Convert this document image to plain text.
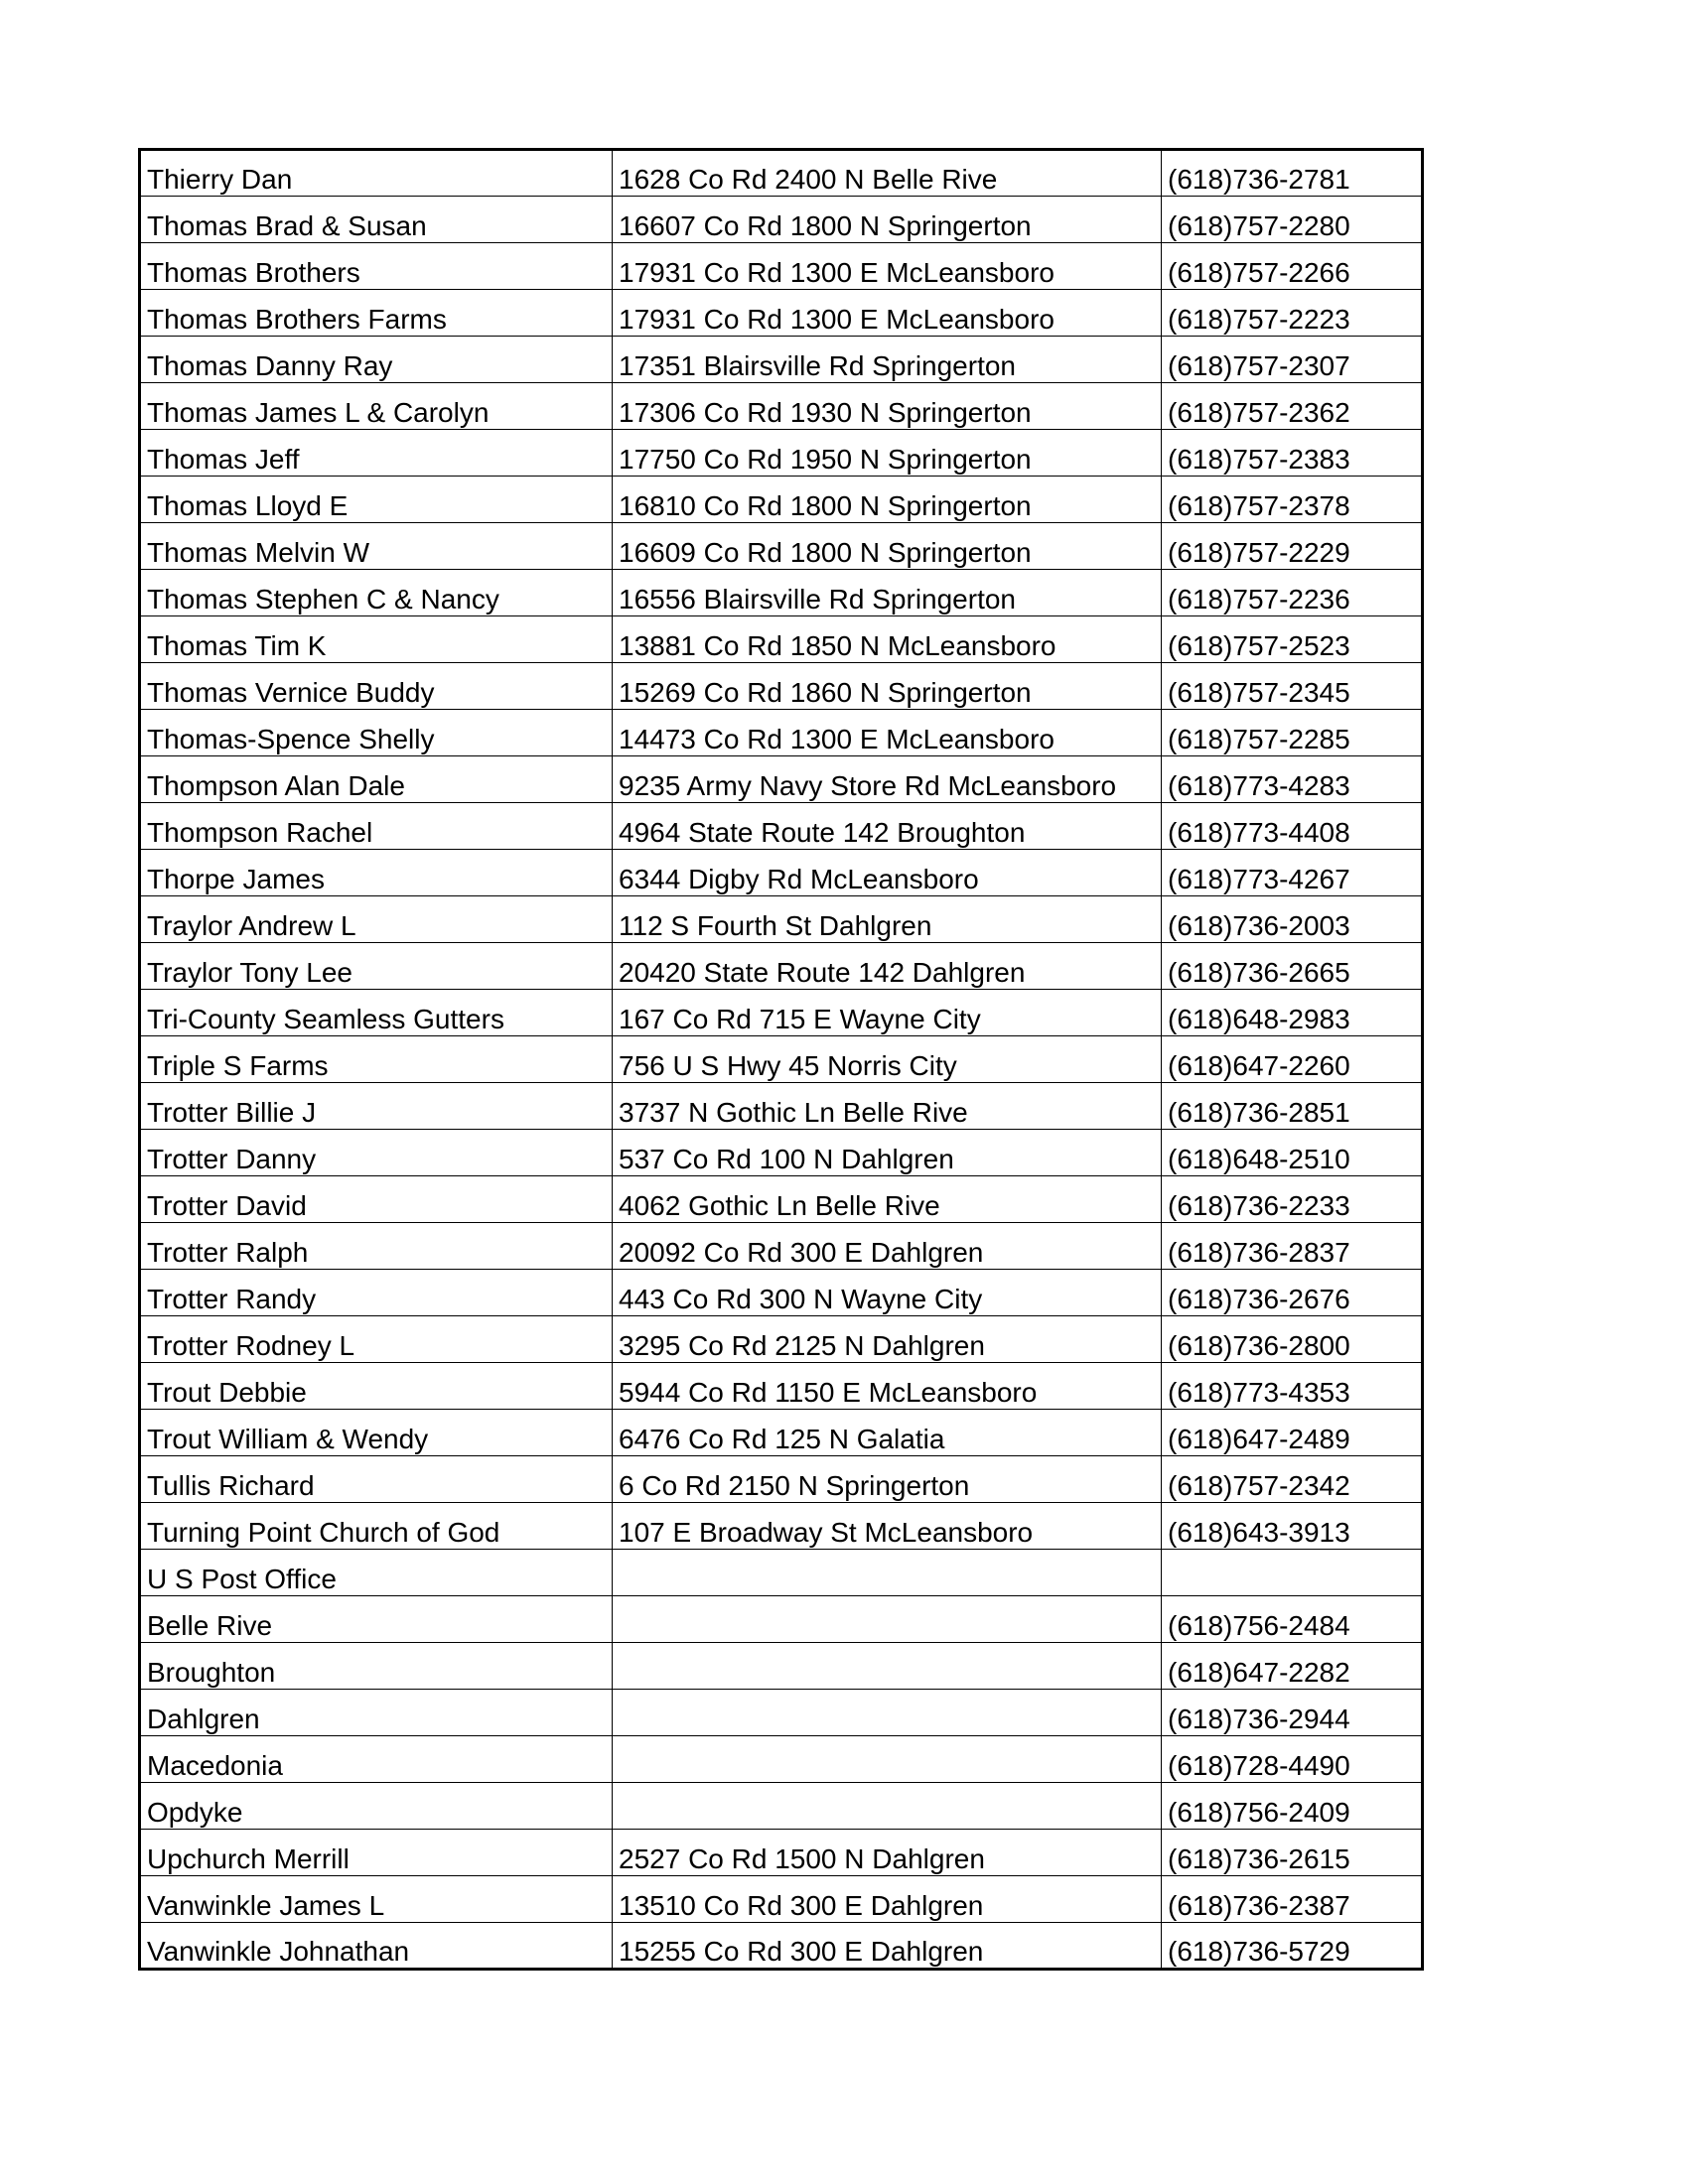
Thierry Dan	1628 Co Rd 2400 N Belle Rive	(618)736-2781
Thomas Brad & Susan	16607 Co Rd 1800 N Springerton	(618)757-2280
Thomas Brothers	17931 Co Rd 1300 E McLeansboro	(618)757-2266
Thomas Brothers Farms	17931 Co Rd 1300 E McLeansboro	(618)757-2223
Thomas Danny Ray	17351 Blairsville Rd Springerton	(618)757-2307
Thomas James L & Carolyn	17306 Co Rd 1930 N Springerton	(618)757-2362
Thomas Jeff	17750 Co Rd 1950 N Springerton	(618)757-2383
Thomas Lloyd E	16810 Co Rd 1800 N Springerton	(618)757-2378
Thomas Melvin W	16609 Co Rd 1800 N Springerton	(618)757-2229
Thomas Stephen C & Nancy	16556 Blairsville Rd Springerton	(618)757-2236
Thomas Tim K	13881 Co Rd 1850 N McLeansboro	(618)757-2523
Thomas Vernice Buddy	15269 Co Rd 1860 N Springerton	(618)757-2345
Thomas-Spence Shelly	14473 Co Rd 1300 E McLeansboro	(618)757-2285
Thompson Alan Dale	9235 Army Navy Store Rd McLeansboro	(618)773-4283
Thompson Rachel	4964 State Route 142 Broughton	(618)773-4408
Thorpe James	6344 Digby Rd McLeansboro	(618)773-4267
Traylor Andrew L	112 S Fourth St Dahlgren	(618)736-2003
Traylor Tony Lee	20420 State Route 142 Dahlgren	(618)736-2665
Tri-County Seamless Gutters	167 Co Rd 715 E Wayne City	(618)648-2983
Triple S Farms	756 U S Hwy 45 Norris City	(618)647-2260
Trotter Billie J	3737 N Gothic Ln Belle Rive	(618)736-2851
Trotter Danny	537 Co Rd 100 N Dahlgren	(618)648-2510
Trotter David	4062 Gothic Ln Belle Rive	(618)736-2233
Trotter Ralph	20092 Co Rd 300 E Dahlgren	(618)736-2837
Trotter Randy	443 Co Rd 300 N Wayne City	(618)736-2676
Trotter Rodney L	3295 Co Rd 2125 N Dahlgren	(618)736-2800
Trout Debbie	5944 Co Rd 1150 E McLeansboro	(618)773-4353
Trout William & Wendy	6476 Co Rd 125 N Galatia	(618)647-2489
Tullis Richard	6 Co Rd 2150 N Springerton	(618)757-2342
Turning Point Church of God	107 E Broadway St McLeansboro	(618)643-3913
U S Post Office		
Belle Rive		(618)756-2484
Broughton		(618)647-2282
Dahlgren		(618)736-2944
Macedonia		(618)728-4490
Opdyke		(618)756-2409
Upchurch Merrill	2527 Co Rd 1500 N Dahlgren	(618)736-2615
Vanwinkle James L	13510 Co Rd 300 E Dahlgren	(618)736-2387
Vanwinkle Johnathan	15255 Co Rd 300 E Dahlgren	(618)736-5729
